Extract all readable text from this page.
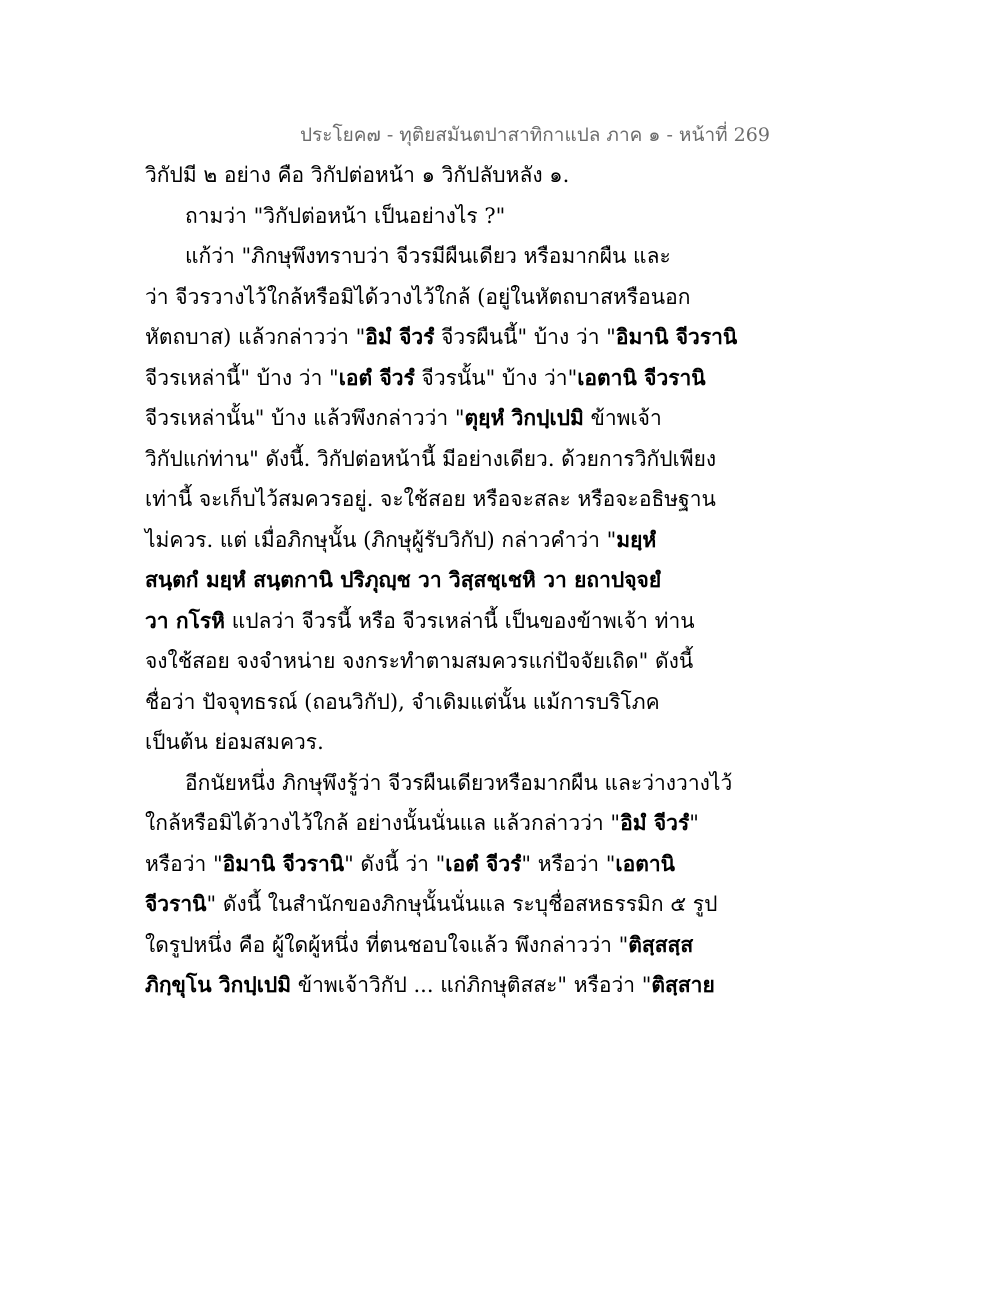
ประโยค๗ - ทุติยสมันตปาสาทิกาแปล ภาค ๑ - หน้าที่ 269
วิกัปมี ๒ อย่าง คือ วิกัปต่อหน้า ๑ วิกัปลับหลัง ๑.
ถามว่า "วิกัปต่อหน้า เป็นอย่างไร ?"
แก้ว่า "ภิกษุพึงทราบว่า จีวรมีผืนเดียว หรือมากผืน และ
ว่า จีวรวางไว้ใกล้หรือมิได้วางไว้ใกล้ (อยู่ในหัตถบาสหรือนอก
หัตถบาส) แล้วกล่าวว่า "อิมํ จีวรํ จีวรผืนนี้" บ้าง ว่า "อิมานิ จีวรานิ
จีวรเหล่านี้" บ้าง ว่า "เอตํ จีวรํ จีวรนั้น" บ้าง ว่า"เอตานิ จีวรานิ
จีวรเหล่านั้น" บ้าง แล้วพึงกล่าวว่า "ตุยฺหํ วิกปฺเปมิ ข้าพเจ้า
วิกัปแก่ท่าน" ดังนี้. วิกัปต่อหน้านี้ มีอย่างเดียว. ด้วยการวิกัปเพียง
เท่านี้ จะเก็บไว้สมควรอยู่. จะใช้สอย หรือจะสละ หรือจะอธิษฐาน
ไม่ควร. แต่ เมื่อภิกษุนั้น (ภิกษุผู้รับวิกัป) กล่าวคำว่า "มยฺหํ
สนฺตกํ มยฺหํ สนฺตกานิ ปริภุญฺช วา วิสฺสชฺเชหิ วา ยถาปจฺจยํ
วา กโรหิ แปลว่า จีวรนี้ หรือ จีวรเหล่านี้ เป็นของข้าพเจ้า ท่าน
จงใช้สอย จงจำหน่าย จงกระทำตามสมควรแก่ปัจจัยเถิด" ดังนี้
ชื่อว่า ปัจจุทธรณ์ (ถอนวิกัป), จำเดิมแต่นั้น แม้การบริโภค
เป็นต้น ย่อมสมควร.
อีกนัยหนึ่ง ภิกษุพึงรู้ว่า จีวรผืนเดียวหรือมากผืน และว่างวางไว้
ใกล้หรือมิได้วางไว้ใกล้ อย่างนั้นนั่นแล แล้วกล่าวว่า "อิมํ จีวรํ"
หรือว่า "อิมานิ จีวรานิ" ดังนี้ ว่า "เอตํ จีวรํ" หรือว่า "เอตานิ
จีวรานิ" ดังนี้ ในสำนักของภิกษุนั้นนั่นแล ระบุชื่อสหธรรมิก ๕ รูป
ใดรูปหนึ่ง คือ ผู้ใดผู้หนึ่ง ที่ตนชอบใจแล้ว พึงกล่าวว่า "ติสฺสสฺส
ภิกฺขุโน วิกปฺเปมิ ข้าพเจ้าวิกัป ... แก่ภิกษุติสสะ" หรือว่า "ติสฺสาย
